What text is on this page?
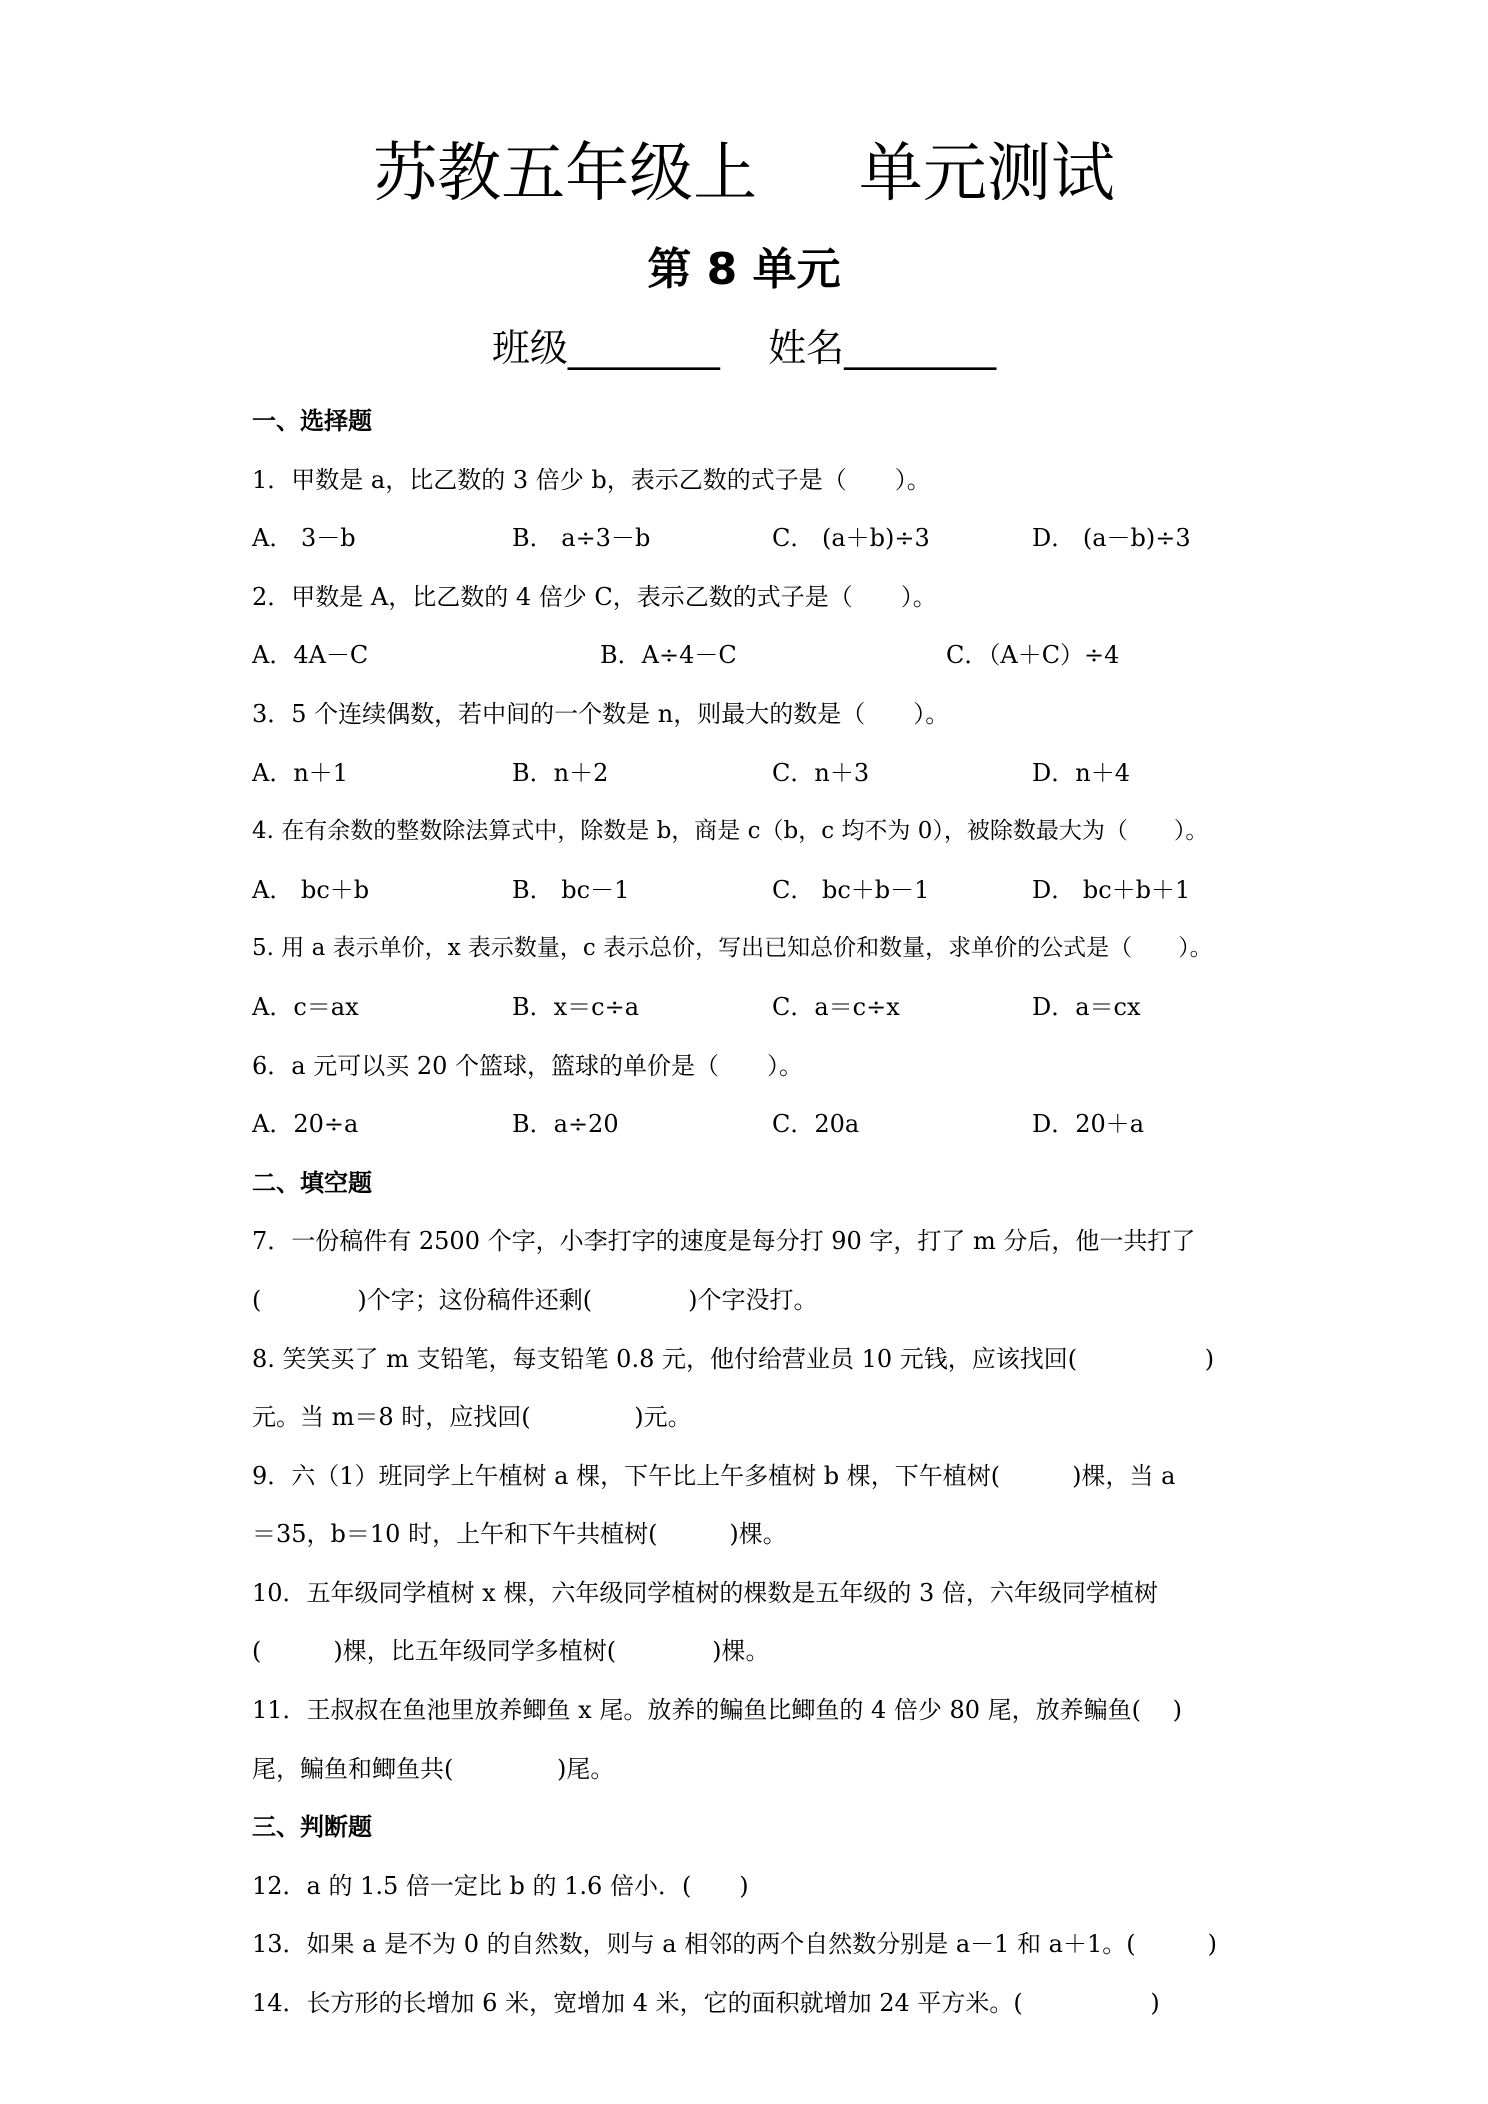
苏教五年级上     单元测试
第 8 单元
班级________    姓名________
一、选择题
1．甲数是 a，比乙数的 3 倍少 b，表示乙数的式子是（　　）。

A． 3－b

	B． a÷3－b

	C． (a＋b)÷3

	D． (a－b)÷3

2．甲数是 A，比乙数的 4 倍少 C，表示乙数的式子是（　　）。

A．4A－C

	B．A÷4－C

	C．（A＋C）÷4

3．5 个连续偶数，若中间的一个数是 n，则最大的数是（　　）。

A．n＋1

	B．n＋2

	C．n＋3

	D．n＋4

4. 在有余数的整数除法算式中，除数是 b，商是 c（b，c 均不为 0），被除数最大为（　　）。

A． bc＋b

	B． bc－1

	C． bc＋b－1

	D． bc＋b＋1

5. 用 a 表示单价，x 表示数量，c 表示总价，写出已知总价和数量，求单价的公式是（　　）。

A．c＝ax

	B．x＝c÷a

	C．a＝c÷x

	D．a＝cx

6．a 元可以买 20 个篮球，篮球的单价是（　　）。

A．20÷a

	B．a÷20

	C．20a

	D．20＋a

二、填空题
7．一份稿件有 2500 个字，小李打字的速度是每分打 90 字，打了 m 分后，他一共打了
(　　　　)个字；这份稿件还剩(　　　　)个字没打。
8. 笑笑买了 m 支铅笔，每支铅笔 0.8 元，他付给营业员 10 元钱，应该找回(　　　　　 )
元。当 m＝8 时，应找回(　　　　 )元。
9．六（1）班同学上午植树 a 棵，下午比上午多植树 b 棵，下午植树(　　　)棵，当 a
＝35，b＝10 时，上午和下午共植树(　　　)棵。
10．五年级同学植树 x 棵，六年级同学植树的棵数是五年级的 3 倍，六年级同学植树
(　　　)棵，比五年级同学多植树(　　　　)棵。
11．王叔叔在鱼池里放养鲫鱼 x 尾。放养的鳊鱼比鲫鱼的 4 倍少 80 尾，放养鳊鱼(　 )
尾，鳊鱼和鲫鱼共(　　　　 )尾。
三、判断题
12．a 的 1.5 倍一定比 b 的 1.6 倍小．(　　)
13．如果 a 是不为 0 的自然数，则与 a 相邻的两个自然数分别是 a－1 和 a＋1。(　　　)
14．长方形的长增加 6 米，宽增加 4 米，它的面积就增加 24 平方米。(　　　　　 )
